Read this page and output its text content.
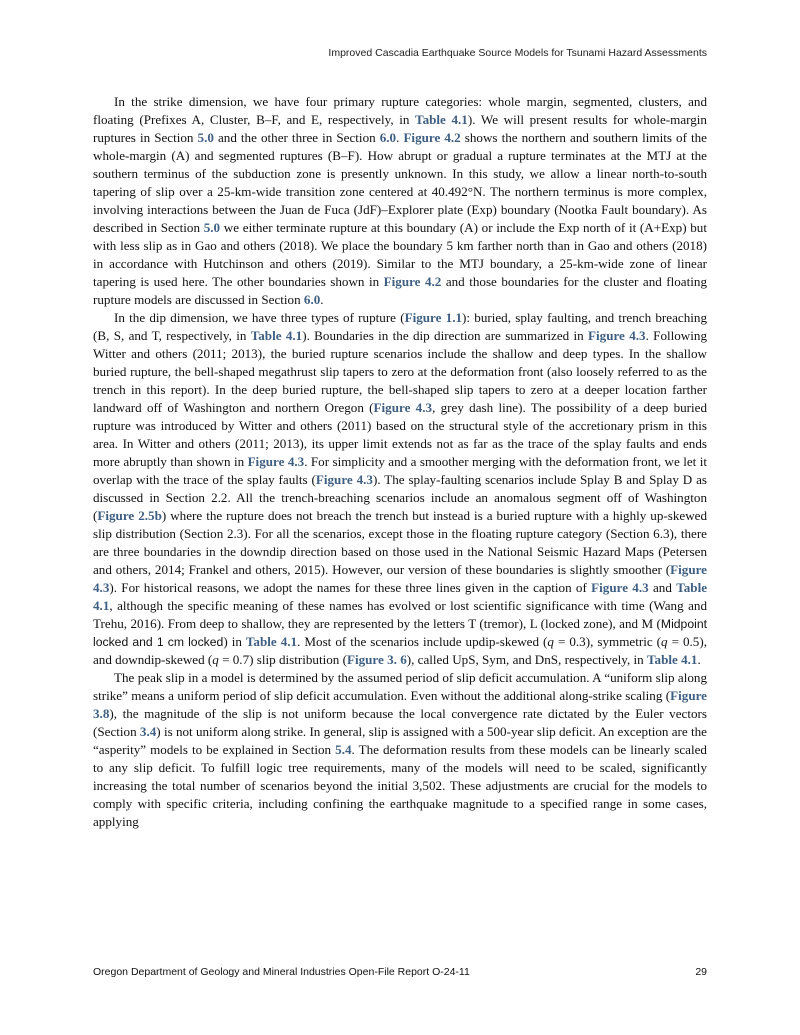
Improved Cascadia Earthquake Source Models for Tsunami Hazard Assessments

In the strike dimension, we have four primary rupture categories: whole margin, segmented, clusters, and floating (Prefixes A, Cluster, B–F, and E, respectively, in Table 4.1). We will present results for whole-margin ruptures in Section 5.0 and the other three in Section 6.0. Figure 4.2 shows the northern and southern limits of the whole-margin (A) and segmented ruptures (B–F). How abrupt or gradual a rupture terminates at the MTJ at the southern terminus of the subduction zone is presently unknown. In this study, we allow a linear north-to-south tapering of slip over a 25-km-wide transition zone centered at 40.492°N. The northern terminus is more complex, involving interactions between the Juan de Fuca (JdF)–Explorer plate (Exp) boundary (Nootka Fault boundary). As described in Section 5.0 we either terminate rupture at this boundary (A) or include the Exp north of it (A+Exp) but with less slip as in Gao and others (2018). We place the boundary 5 km farther north than in Gao and others (2018) in accordance with Hutchinson and others (2019). Similar to the MTJ boundary, a 25-km-wide zone of linear tapering is used here. The other boundaries shown in Figure 4.2 and those boundaries for the cluster and floating rupture models are discussed in Section 6.0.

In the dip dimension, we have three types of rupture (Figure 1.1): buried, splay faulting, and trench breaching (B, S, and T, respectively, in Table 4.1). Boundaries in the dip direction are summarized in Figure 4.3. Following Witter and others (2011; 2013), the buried rupture scenarios include the shallow and deep types. In the shallow buried rupture, the bell-shaped megathrust slip tapers to zero at the deformation front (also loosely referred to as the trench in this report). In the deep buried rupture, the bell-shaped slip tapers to zero at a deeper location farther landward off of Washington and northern Oregon (Figure 4.3, grey dash line). The possibility of a deep buried rupture was introduced by Witter and others (2011) based on the structural style of the accretionary prism in this area. In Witter and others (2011; 2013), its upper limit extends not as far as the trace of the splay faults and ends more abruptly than shown in Figure 4.3. For simplicity and a smoother merging with the deformation front, we let it overlap with the trace of the splay faults (Figure 4.3). The splay-faulting scenarios include Splay B and Splay D as discussed in Section 2.2. All the trench-breaching scenarios include an anomalous segment off of Washington (Figure 2.5b) where the rupture does not breach the trench but instead is a buried rupture with a highly up-skewed slip distribution (Section 2.3). For all the scenarios, except those in the floating rupture category (Section 6.3), there are three boundaries in the downdip direction based on those used in the National Seismic Hazard Maps (Petersen and others, 2014; Frankel and others, 2015). However, our version of these boundaries is slightly smoother (Figure 4.3). For historical reasons, we adopt the names for these three lines given in the caption of Figure 4.3 and Table 4.1, although the specific meaning of these names has evolved or lost scientific significance with time (Wang and Trehu, 2016). From deep to shallow, they are represented by the letters T (tremor), L (locked zone), and M (Midpoint locked and 1 cm locked) in Table 4.1. Most of the scenarios include updip-skewed (q = 0.3), symmetric (q = 0.5), and downdip-skewed (q = 0.7) slip distribution (Figure 3. 6), called UpS, Sym, and DnS, respectively, in Table 4.1.

The peak slip in a model is determined by the assumed period of slip deficit accumulation. A “uniform slip along strike” means a uniform period of slip deficit accumulation. Even without the additional along-strike scaling (Figure 3.8), the magnitude of the slip is not uniform because the local convergence rate dictated by the Euler vectors (Section 3.4) is not uniform along strike. In general, slip is assigned with a 500-year slip deficit. An exception are the “asperity” models to be explained in Section 5.4. The deformation results from these models can be linearly scaled to any slip deficit. To fulfill logic tree requirements, many of the models will need to be scaled, significantly increasing the total number of scenarios beyond the initial 3,502. These adjustments are crucial for the models to comply with specific criteria, including confining the earthquake magnitude to a specified range in some cases, applying

Oregon Department of Geology and Mineral Industries Open-File Report O-24-11	29
